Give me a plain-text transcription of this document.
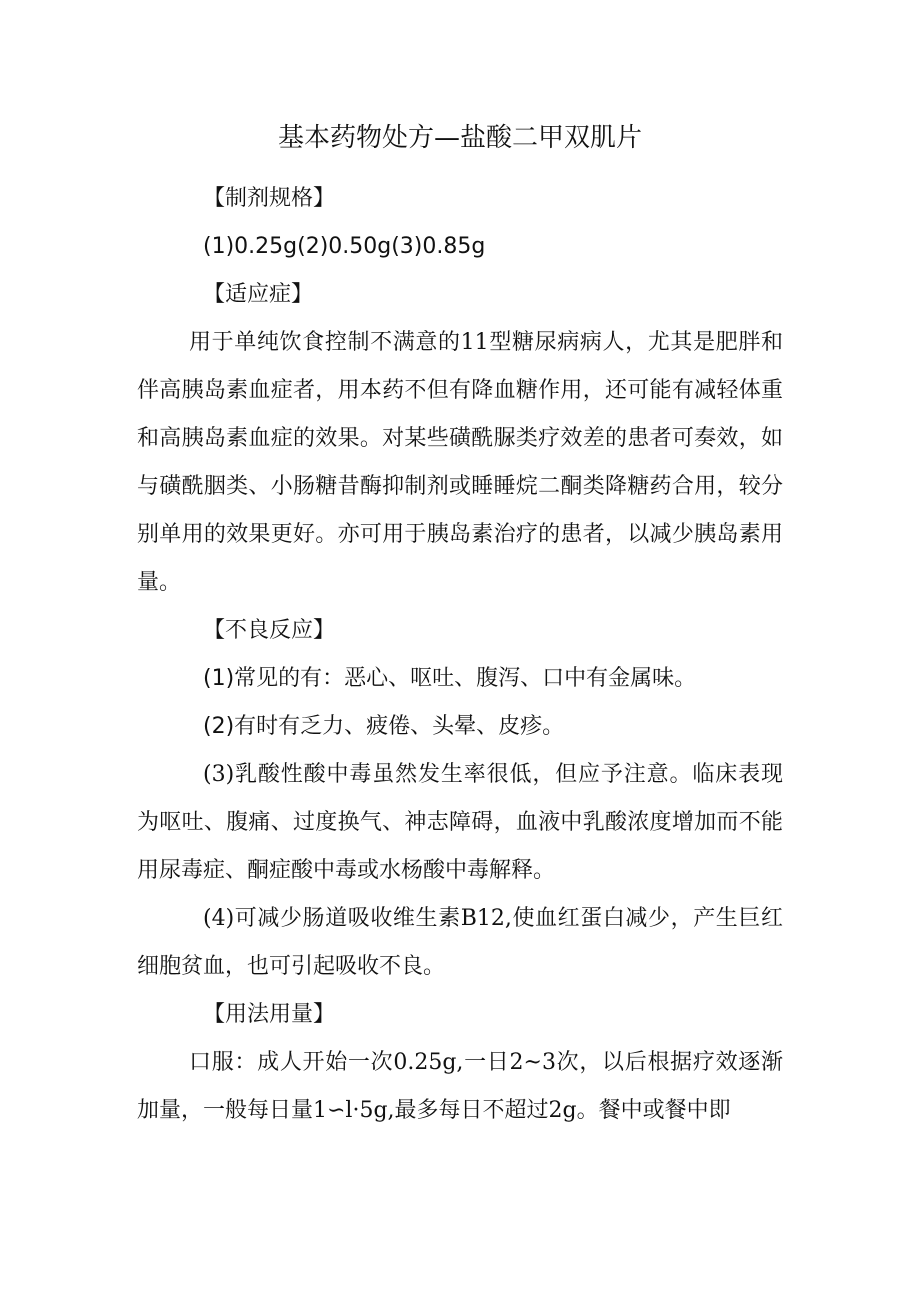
基本药物处方—盐酸二甲双肌片

【制剂规格】

(1)0.25g(2)0.50g(3)0.85g

【适应症】

用于单纯饮食控制不满意的11型糖尿病病人，尤其是肥胖和伴高胰岛素血症者，用本药不但有降血糖作用，还可能有减轻体重和高胰岛素血症的效果。对某些磺酰脲类疗效差的患者可奏效，如与磺酰胭类、小肠糖昔酶抑制剂或睡睡烷二酮类降糖药合用，较分别单用的效果更好。亦可用于胰岛素治疗的患者，以减少胰岛素用量。

【不良反应】

(1)常见的有：恶心、呕吐、腹泻、口中有金属味。

(2)有时有乏力、疲倦、头晕、皮疹。

(3)乳酸性酸中毒虽然发生率很低，但应予注意。临床表现为呕吐、腹痛、过度换气、神志障碍，血液中乳酸浓度增加而不能用尿毒症、酮症酸中毒或水杨酸中毒解释。

(4)可减少肠道吸收维生素B12,使血红蛋白减少，产生巨红细胞贫血，也可引起吸收不良。

【用法用量】

口服：成人开始一次0.25g,一日2~3次，以后根据疗效逐渐加量，一般每日量1∽l·5g,最多每日不超过2g。餐中或餐中即
